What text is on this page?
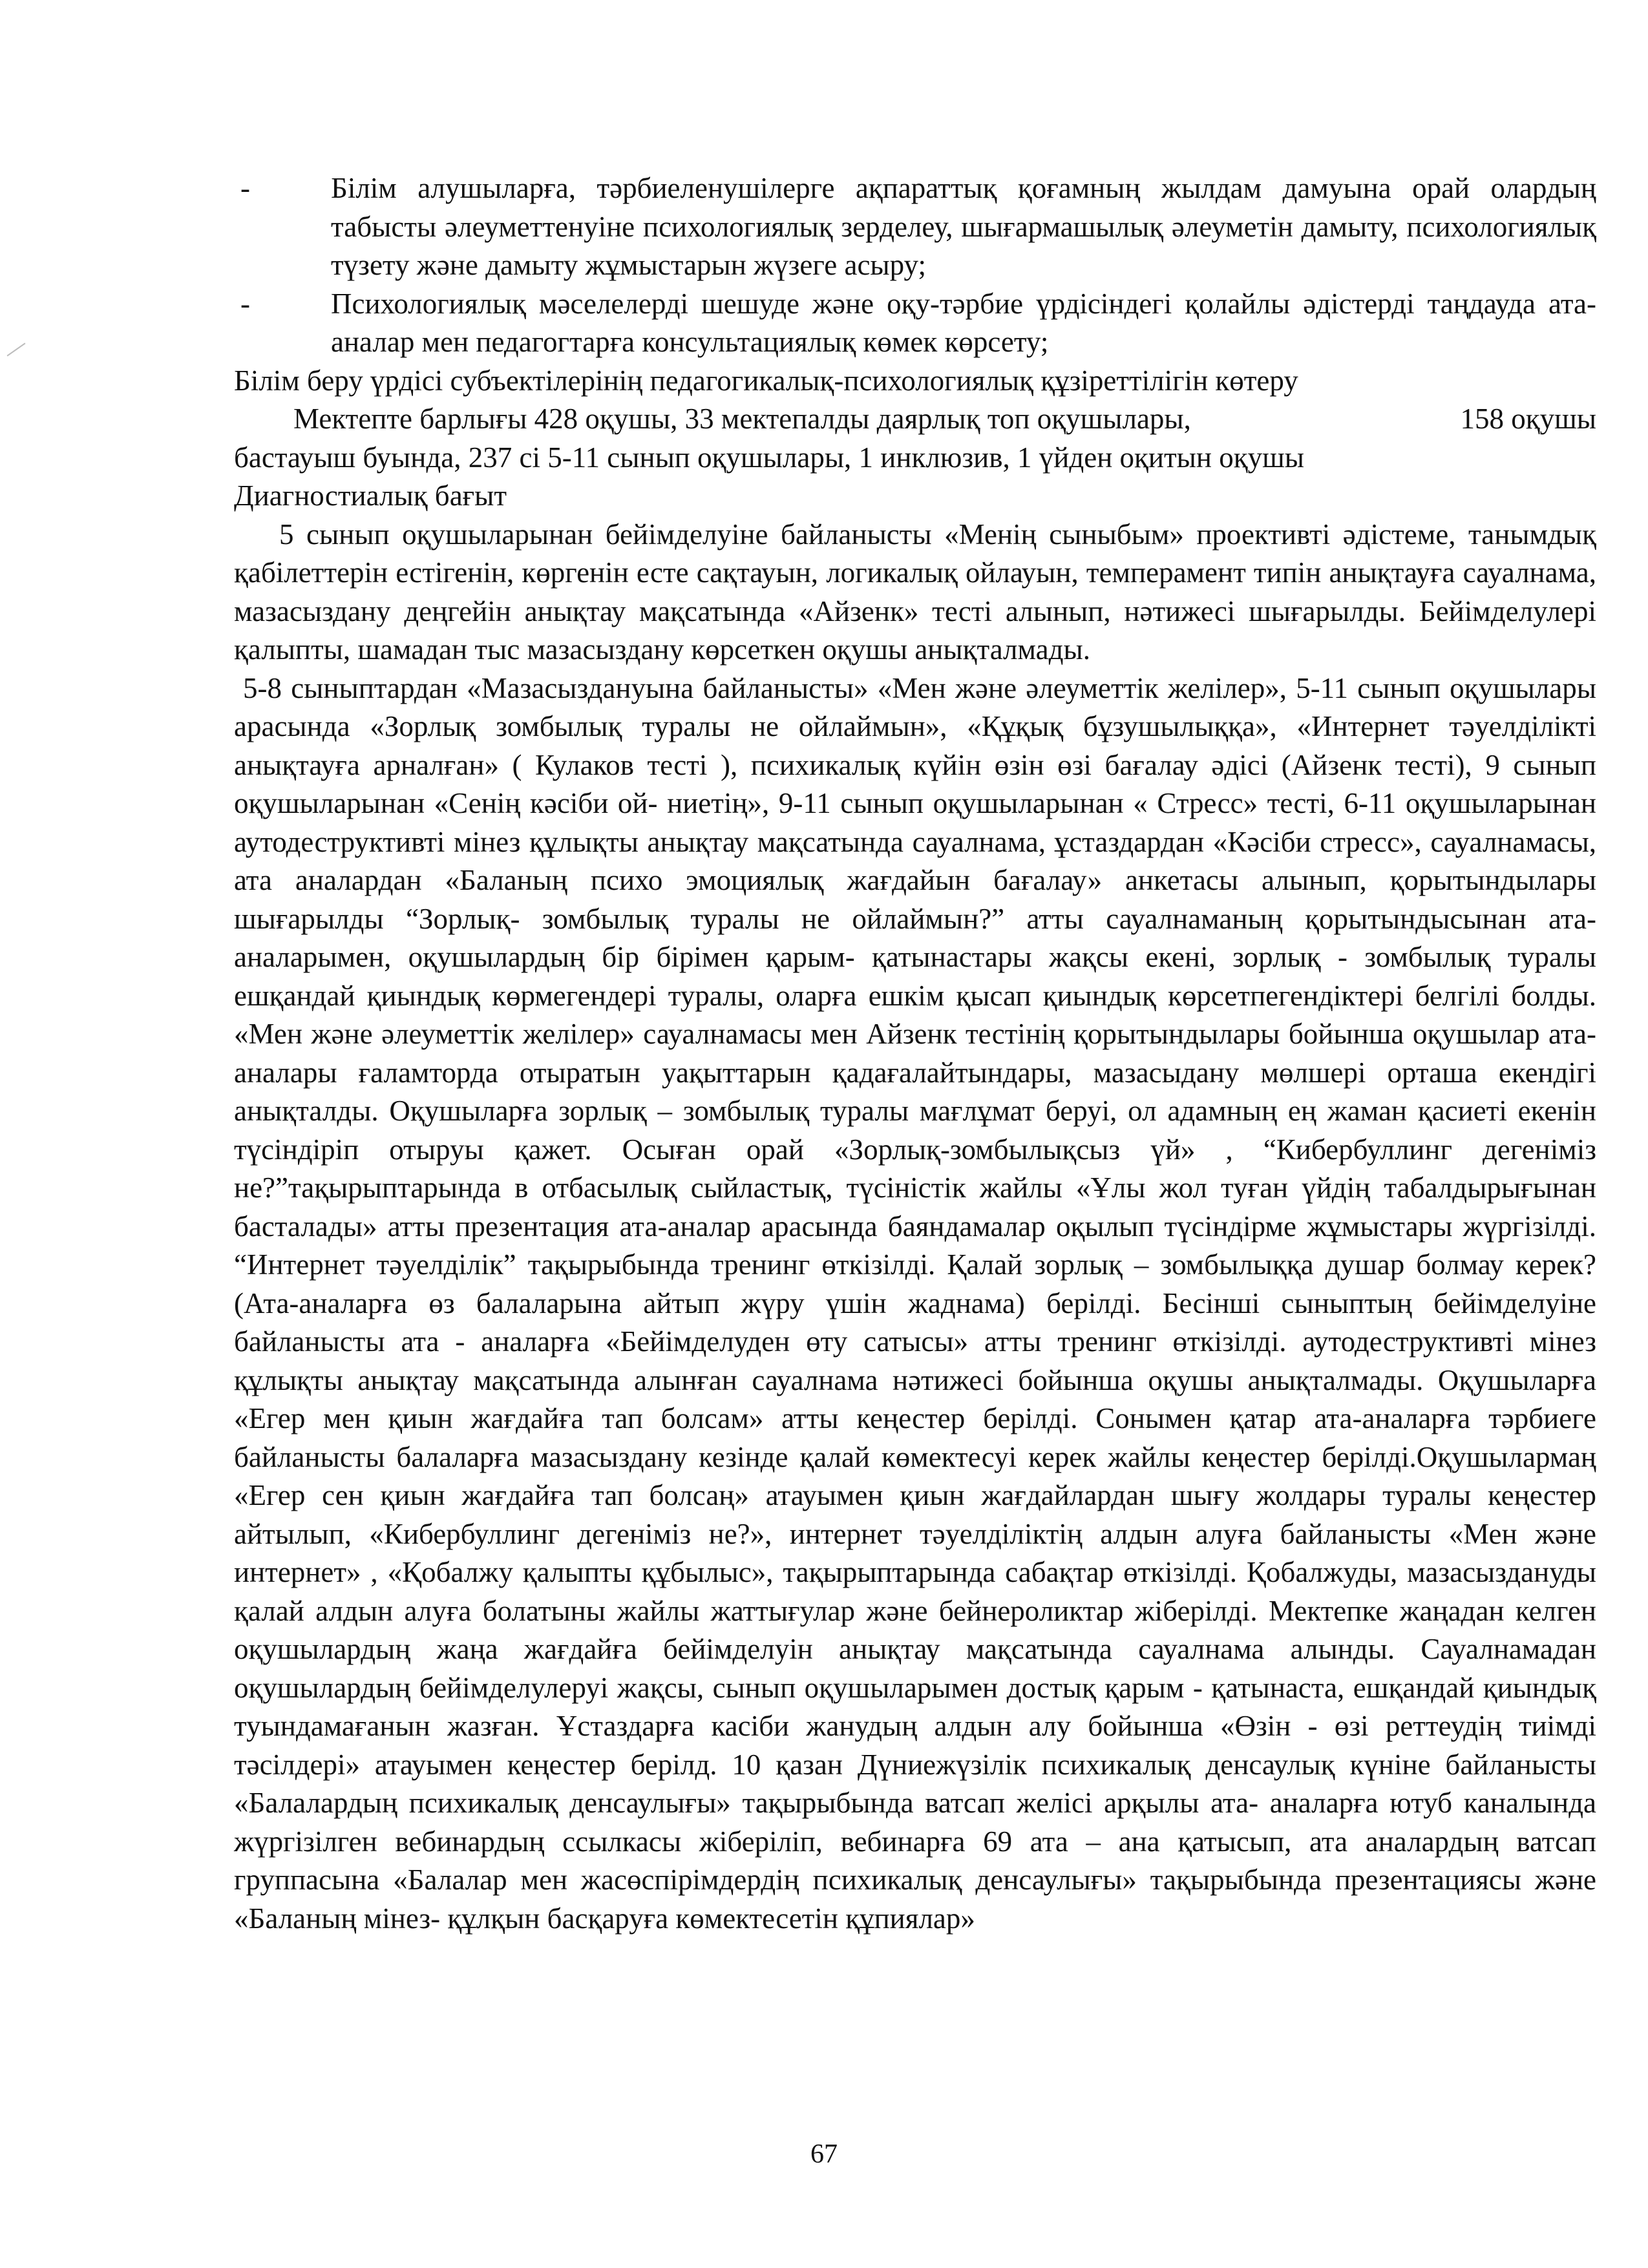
-	Білім алушыларға, тәрбиеленушілерге ақпараттық қоғамның жылдам дамуына орай олардың табысты әлеуметтенуіне психологиялық зерделеу, шығармашылық әлеуметін дамыту, психологиялық түзету және дамыту жұмыстарын жүзеге асыру;
-	Психологиялық мәселелерді шешуде және оқу-тәрбие үрдісіндегі қолайлы әдістерді таңдауда ата-аналар мен педагогтарға консультациялық көмек көрсету;

Білім беру үрдісі субъектілерінің педагогикалық-психологиялық құзіреттілігін көтеру

Мектепте барлығы 428 оқушы, 33 мектепалды даярлық топ оқушылары,	158 оқушы

бастауыш буында, 237 сі 5-11 сынып оқушылары, 1 инклюзив, 1 үйден оқитын оқушы

Диагностиалық бағыт

5 сынып оқушыларынан бейімделуіне байланысты «Менің сыныбым» проективті әдістеме, танымдық қабілеттерін естігенін, көргенін есте сақтауын, логикалық ойлауын, темперамент типін анықтауға сауалнама, мазасыздану деңгейін анықтау мақсатында «Айзенк» тесті алынып, нәтижесі шығарылды. Бейімделулері қалыпты, шамадан тыс мазасыздану көрсеткен оқушы анықталмады.

5-8 сыныптардан «Мазасыздануына байланысты» «Мен және әлеуметтік желілер», 5-11 сынып оқушылары арасында «Зорлық зомбылық туралы не ойлаймын», «Құқық бұзушылыққа», «Интернет тәуелділікті анықтауға арналған» ( Кулаков тесті ), психикалық күйін өзін өзі бағалау әдісі (Айзенк тесті), 9 сынып оқушыларынан «Сенің кәсіби ой- ниетің», 9-11 сынып оқушыларынан « Стресс» тесті, 6-11 оқушыларынан аутодеструктивті мінез құлықты анықтау мақсатында сауалнама, ұстаздардан «Кәсіби стресс», сауалнамасы, ата аналардан «Баланың психо эмоциялық жағдайын бағалау» анкетасы алынып, қорытындылары шығарылды “Зорлық- зомбылық туралы не ойлаймын?” атты сауалнаманың қорытындысынан ата-аналарымен, оқушылардың бір бірімен қарым- қатынастары жақсы екені, зорлық - зомбылық туралы ешқандай қиындық көрмегендері туралы, оларға ешкім қысап қиындық көрсетпегендіктері белгілі болды. «Мен және әлеуметтік желілер» сауалнамасы мен Айзенк тестінің қорытындылары бойынша оқушылар ата- аналары ғаламторда отыратын уақыттарын қадағалайтындары, мазасыдану мөлшері орташа екендігі анықталды. Оқушыларға зорлық – зомбылық туралы мағлұмат беруі, ол адамның ең жаман қасиеті екенін түсіндіріп отыруы қажет. Осыған орай «Зорлық-зомбылықсыз үй» , “Кибербуллинг дегеніміз не?”тақырыптарында в отбасылық сыйластық, түсіністік жайлы «Ұлы жол туған үйдің табалдырығынан басталады» атты презентация ата-аналар арасында баяндамалар оқылып түсіндірме жұмыстары жүргізілді. “Интернет тәуелділік” тақырыбында тренинг өткізілді. Қалай зорлық – зомбылыққа душар болмау керек? (Ата-аналарға өз балаларына айтып жүру үшін жаднама) берілді. Бесінші сыныптың бейімделуіне байланысты ата - аналарға «Бейімделуден өту сатысы» атты тренинг өткізілді. аутодеструктивті мінез құлықты анықтау мақсатында алынған сауалнама нәтижесі бойынша оқушы анықталмады. Оқушыларға «Егер мен қиын жағдайға тап болсам» атты кеңестер берілді. Сонымен қатар ата-аналарға тәрбиеге байланысты балаларға мазасыздану кезінде қалай көмектесуі керек жайлы кеңестер берілді.Оқушылармаң «Егер сен қиын жағдайға тап болсаң» атауымен қиын жағдайлардан шығу жолдары туралы кеңестер айтылып, «Кибербуллинг дегеніміз не?», интернет тәуелділіктің алдын алуға байланысты «Мен және интернет» , «Қобалжу қалыпты құбылыс», тақырыптарында сабақтар өткізілді. Қобалжуды, мазасыздануды қалай алдын алуға болатыны жайлы жаттығулар және бейнероликтар жіберілді. Мектепке жаңадан келген оқушылардың жаңа жағдайға бейімделуін анықтау мақсатында сауалнама алынды. Сауалнамадан оқушылардың бейімделулеруі жақсы, сынып оқушыларымен достық қарым - қатынаста, ешқандай қиындық туындамағанын жазған. Ұстаздарға касіби жанудың алдын алу бойынша «Өзін - өзі реттеудің тиімді тәсілдері» атауымен кеңестер берілд. 10 қазан Дүниежүзілік психикалық денсаулық күніне байланысты «Балалардың психикалық денсаулығы» тақырыбында ватсап желісі арқылы ата- аналарға ютуб каналында жүргізілген вебинардың ссылкасы жіберіліп, вебинарға 69 ата – ана қатысып, ата аналардың ватсап группасына «Балалар мен жасөспірімдердің психикалық денсаулығы» тақырыбында презентациясы және «Баланың мінез- құлқын басқаруға көмектесетін құпиялар»

67
